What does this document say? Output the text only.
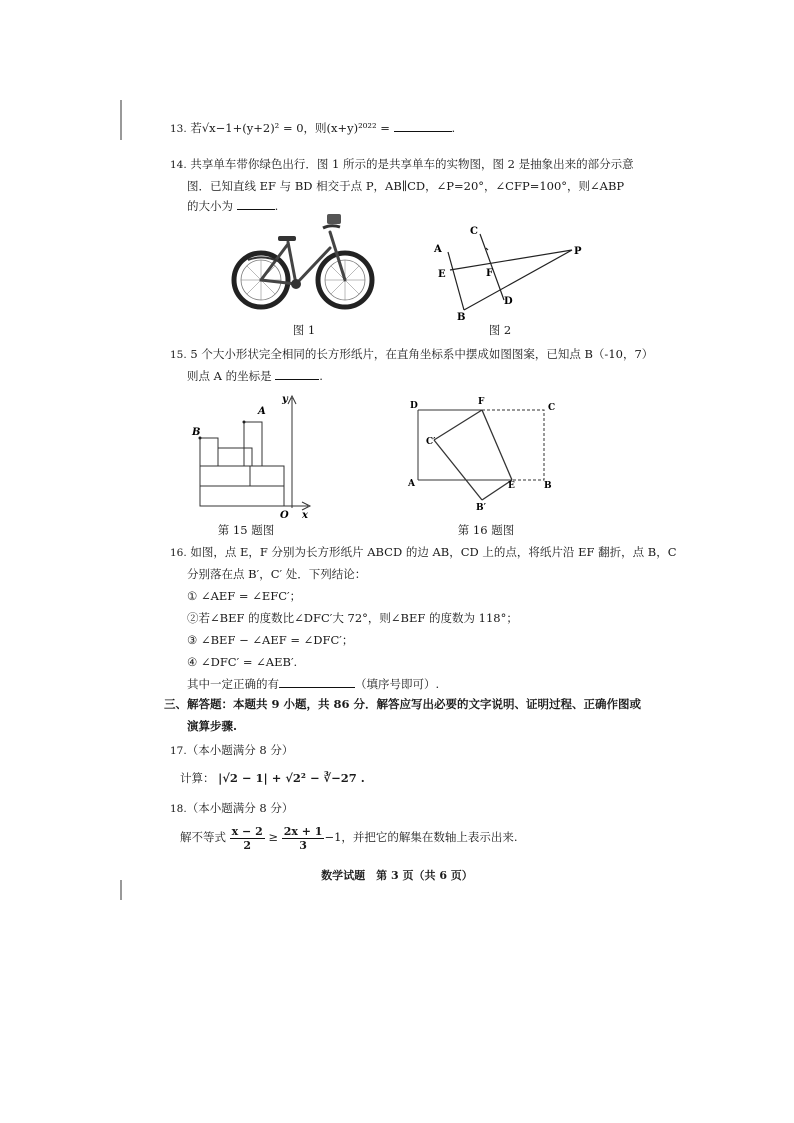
13. 若√x−1+(y+2)² = 0，则(x+y)²⁰²² =	.
14. 共享单车带你绿色出行．图 1 所示的是共享单车的实物图，图 2 是抽象出来的部分示意
图．已知直线 EF 与 BD 相交于点 P，AB∥CD，∠P=20°，∠CFP=100°，则∠ABP
的大小为	.
图 1
A
B
C
D
E	F
P
图 2
15. 5 个大小形状完全相同的长方形纸片，在直角坐标系中摆成如图图案，已知点 B（-10，7）
则点 A 的坐标是	.
A
B
y
x
O
第 15 题图
D	F
C
C′
A	E	B
B′
第 16 题图
16. 如图，点 E，F 分别为长方形纸片 ABCD 的边 AB，CD 上的点，将纸片沿 EF 翻折，点 B，C
分别落在点 B′，C′ 处．下列结论：
① ∠AEF = ∠EFC′；
②若∠BEF 的度数比∠DFC′大 72°，则∠BEF 的度数为 118°；
③ ∠BEF − ∠AEF = ∠DFC′；
④ ∠DFC′ = ∠AEB′.
其中一定正确的有	（填序号即可）.
三、解答题：本题共 9 小题，共 86 分．解答应写出必要的文字说明、证明过程、正确作图或
演算步骤.
17.（本小题满分 8 分）
计算： |√2 − 1| + √2² − ∛−27 .
18.（本小题满分 8 分）
解不等式 $\frac{x - 2}{2} \ge \frac{2x + 1}{3} -1$，并把它的解集在数轴上表示出来.
数学试题　第 3 页（共 6 页）
